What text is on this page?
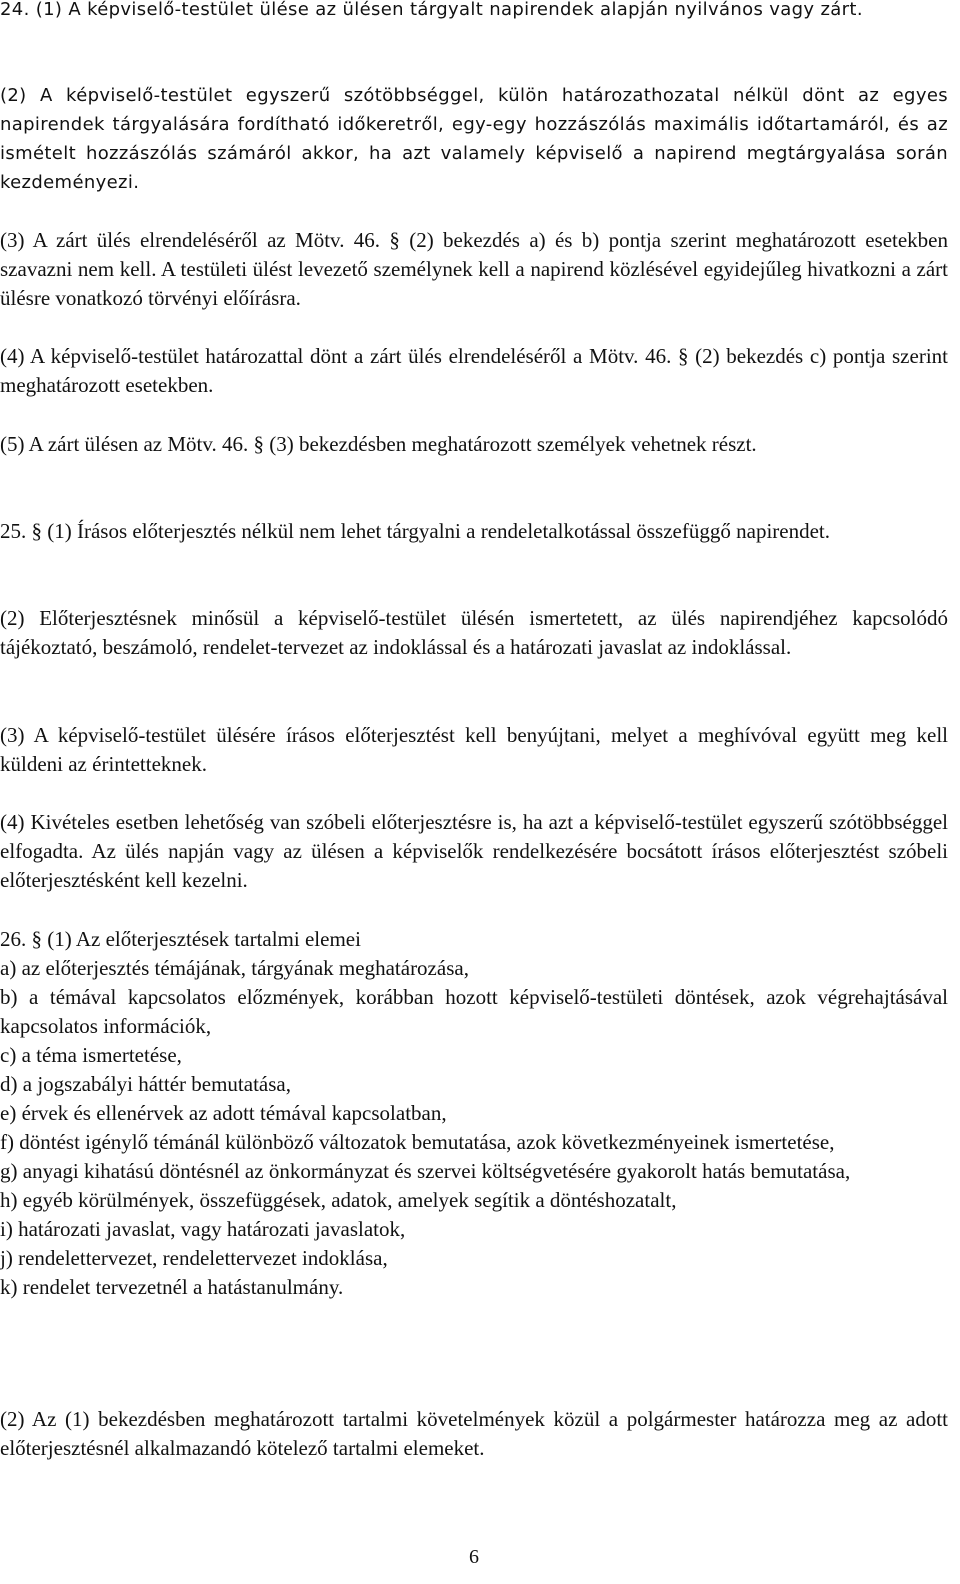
24. (1) A képviselő-testület ülése az ülésen tárgyalt napirendek alapján nyilvános vagy zárt.

(2) A képviselő-testület egyszerű szótöbbséggel, külön határozathozatal nélkül dönt az egyes napirendek tárgyalására fordítható időkeretről, egy-egy hozzászólás maximális időtartamáról, és az ismételt hozzászólás számáról akkor, ha azt valamely képviselő a napirend megtárgyalása során kezdeményezi.

(3) A zárt ülés elrendeléséről az Mötv. 46. § (2) bekezdés a) és b) pontja szerint meghatározott esetekben szavazni nem kell. A testületi ülést levezető személynek kell a napirend közlésével egyidejűleg hivatkozni a zárt ülésre vonatkozó törvényi előírásra.

(4) A képviselő-testület határozattal dönt a zárt ülés elrendeléséről a Mötv. 46. § (2) bekezdés c) pontja szerint meghatározott esetekben.

(5) A zárt ülésen az Mötv. 46. § (3) bekezdésben meghatározott személyek vehetnek részt.

25. § (1) Írásos előterjesztés nélkül nem lehet tárgyalni a rendeletalkotással összefüggő napirendet.

(2) Előterjesztésnek minősül a képviselő-testület ülésén ismertetett, az ülés napirendjéhez kapcsolódó tájékoztató, beszámoló, rendelet-tervezet az indoklással és a határozati javaslat az indoklással.

(3) A képviselő-testület ülésére írásos előterjesztést kell benyújtani, melyet a meghívóval együtt meg kell küldeni az érintetteknek.

(4) Kivételes esetben lehetőség van szóbeli előterjesztésre is, ha azt a képviselő-testület egyszerű szótöbbséggel elfogadta. Az ülés napján vagy az ülésen a képviselők rendelkezésére bocsátott írásos előterjesztést szóbeli előterjesztésként kell kezelni.

26. § (1) Az előterjesztések tartalmi elemei
a) az előterjesztés témájának, tárgyának meghatározása,
b) a témával kapcsolatos előzmények, korábban hozott képviselő-testületi döntések, azok végrehajtásával kapcsolatos információk,
c) a téma ismertetése,
d) a jogszabályi háttér bemutatása,
e) érvek és ellenérvek az adott témával kapcsolatban,
f) döntést igénylő témánál különböző változatok bemutatása, azok következményeinek ismertetése,
g) anyagi kihatású döntésnél az önkormányzat és szervei költségvetésére gyakorolt hatás bemutatása,
h) egyéb körülmények, összefüggések, adatok, amelyek segítik a döntéshozatalt,
i) határozati javaslat, vagy határozati javaslatok,
j) rendelettervezet, rendelettervezet indoklása,
k) rendelet tervezetnél a hatástanulmány.

(2) Az (1) bekezdésben meghatározott tartalmi követelmények közül a polgármester határozza meg az adott előterjesztésnél alkalmazandó kötelező tartalmi elemeket.

6
